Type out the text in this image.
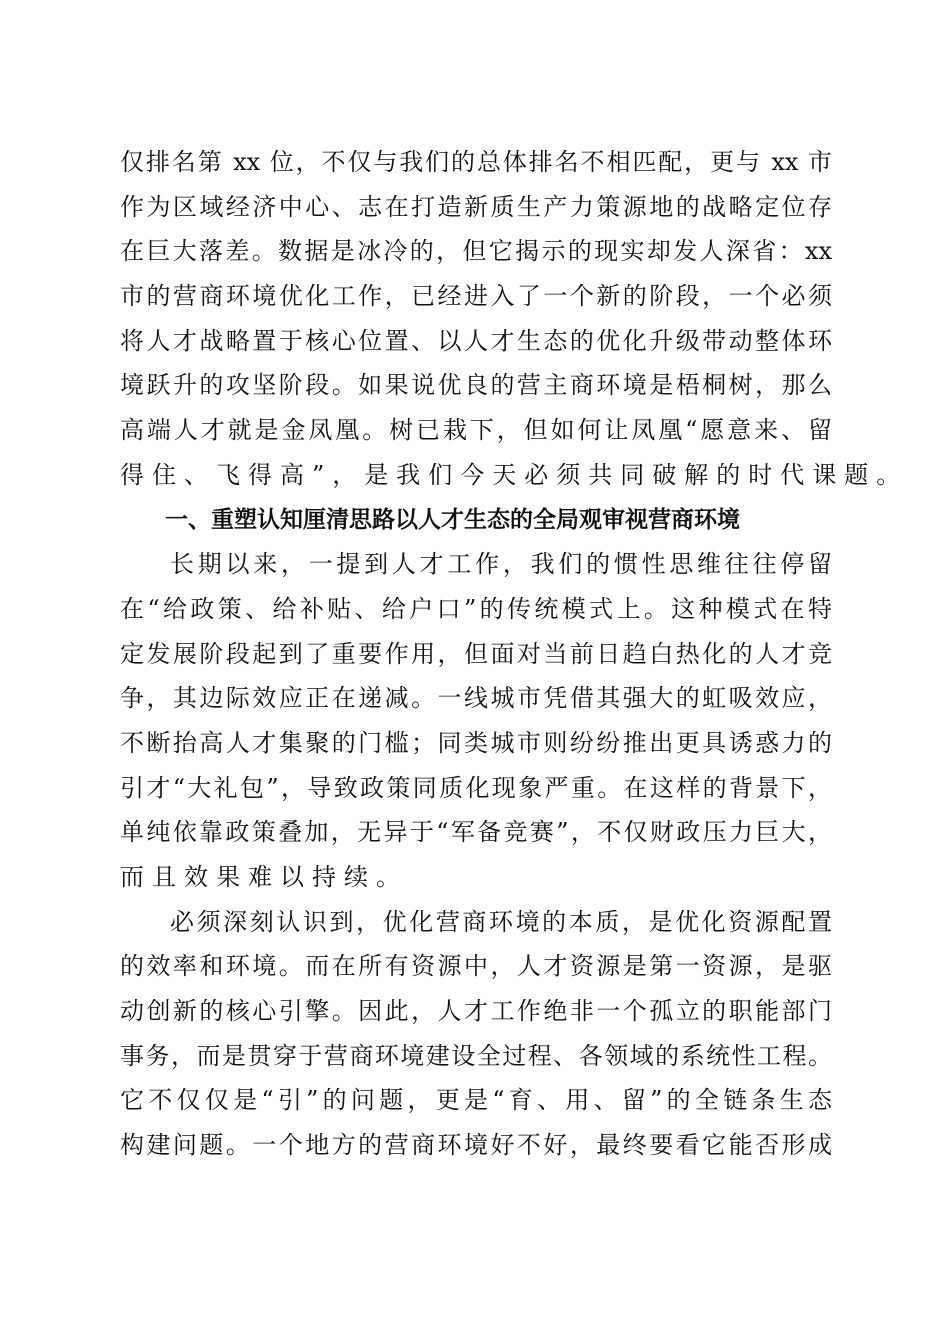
仅排名第 xx 位，不仅与我们的总体排名不相匹配，更与 xx 市
作为区域经济中心、志在打造新质生产力策源地的战略定位存
在巨大落差。数据是冰冷的，但它揭示的现实却发人深省：xx
市的营商环境优化工作，已经进入了一个新的阶段，一个必须
将人才战略置于核心位置、以人才生态的优化升级带动整体环
境跃升的攻坚阶段。如果说优良的营主商环境是梧桐树，那么
高端人才就是金凤凰。树已栽下，但如何让凤凰“愿意来、留
得住、飞得高”，是我们今天必须共同破解的时代课题。
一、重塑认知厘清思路以人才生态的全局观审视营商环境
长期以来，一提到人才工作，我们的惯性思维往往停留
在“给政策、给补贴、给户口”的传统模式上。这种模式在特
定发展阶段起到了重要作用，但面对当前日趋白热化的人才竞
争，其边际效应正在递减。一线城市凭借其强大的虹吸效应，
不断抬高人才集聚的门槛；同类城市则纷纷推出更具诱惑力的
引才“大礼包”，导致政策同质化现象严重。在这样的背景下，
单纯依靠政策叠加，无异于“军备竞赛”，不仅财政压力巨大，
而且效果难以持续。
必须深刻认识到，优化营商环境的本质，是优化资源配置
的效率和环境。而在所有资源中，人才资源是第一资源，是驱
动创新的核心引擎。因此，人才工作绝非一个孤立的职能部门
事务，而是贯穿于营商环境建设全过程、各领域的系统性工程。
它不仅仅是“引”的问题，更是“育、用、留”的全链条生态
构建问题。一个地方的营商环境好不好，最终要看它能否形成
